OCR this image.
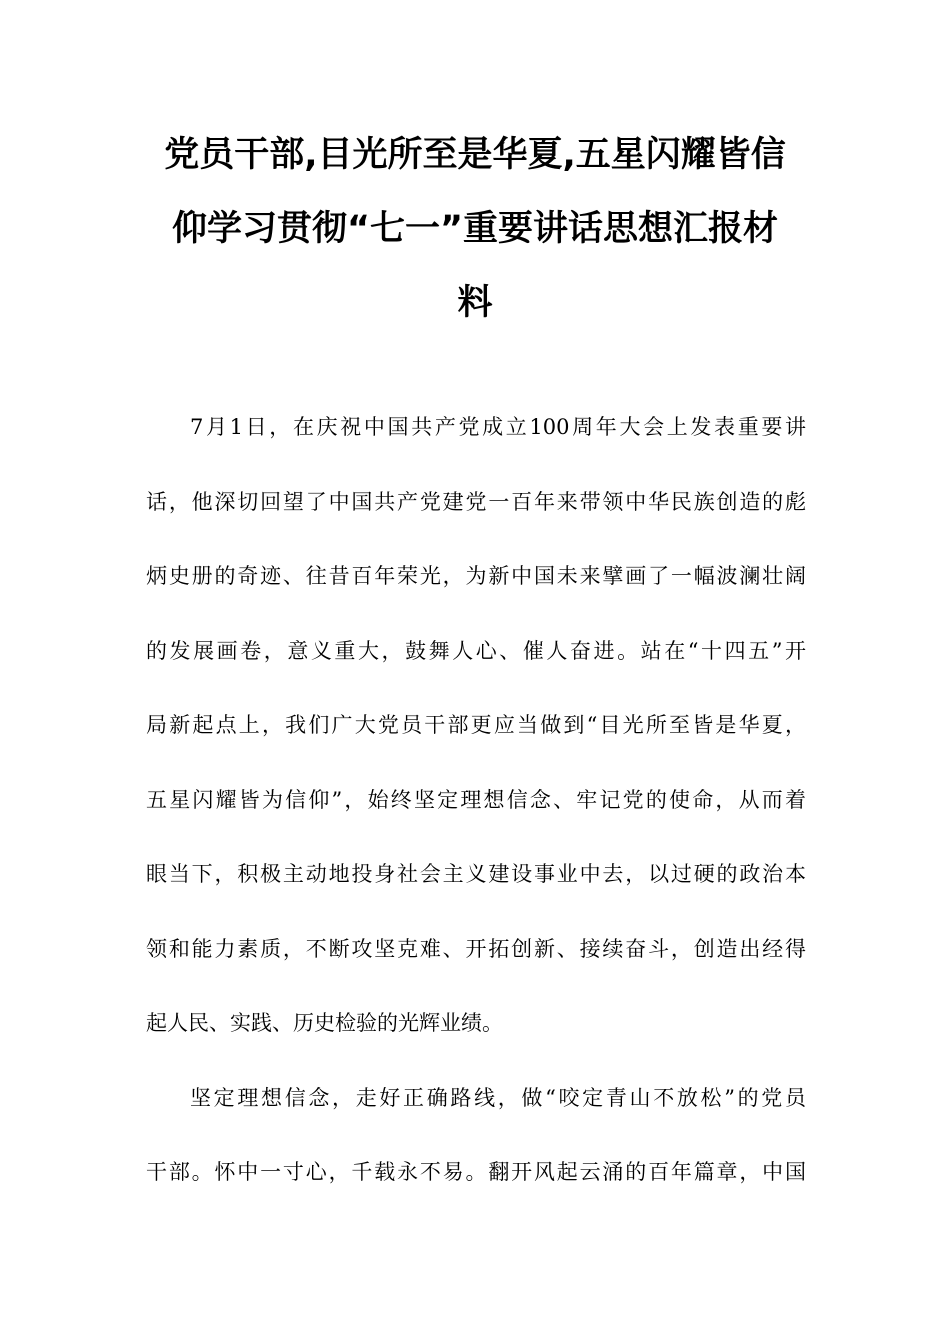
党员干部,目光所至是华夏,五星闪耀皆信
仰学习贯彻“七一”重要讲话思想汇报材
料
7月1日，在庆祝中国共产党成立100周年大会上发表重要讲
话，他深切回望了中国共产党建党一百年来带领中华民族创造的彪
炳史册的奇迹、往昔百年荣光，为新中国未来擘画了一幅波澜壮阔
的发展画卷，意义重大，鼓舞人心、催人奋进。站在“十四五”开
局新起点上，我们广大党员干部更应当做到“目光所至皆是华夏，
五星闪耀皆为信仰”，始终坚定理想信念、牢记党的使命，从而着
眼当下，积极主动地投身社会主义建设事业中去，以过硬的政治本
领和能力素质，不断攻坚克难、开拓创新、接续奋斗，创造出经得
起人民、实践、历史检验的光辉业绩。
坚定理想信念，走好正确路线，做“咬定青山不放松”的党员
干部。怀中一寸心，千载永不易。翻开风起云涌的百年篇章，中国
